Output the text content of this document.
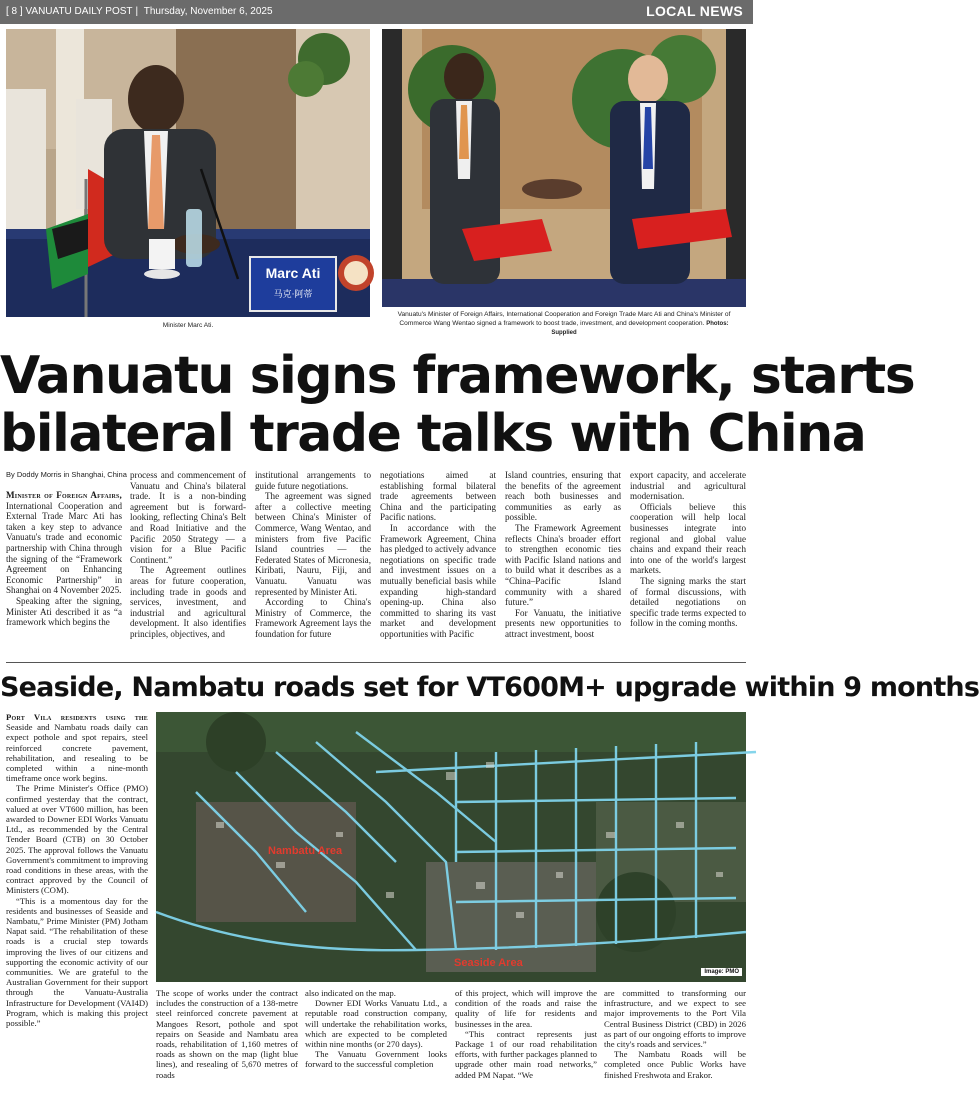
[ 8 ] VANUATU DAILY POST | Thursday, November 6, 2025	LOCAL NEWS
Marc Ati
马克·阿蒂
Minister Marc Ati.
Vanuatu's Minister of Foreign Affairs, International Cooperation and Foreign Trade Marc Ati and China's Minister of Commerce Wang Wentao signed a framework to boost trade, investment, and development cooperation. Photos: Supplied
Vanuatu signs framework, starts
bilateral trade talks with China
By Doddy Morris in Shanghai, China

Minister of Foreign Affairs, International Cooperation and External Trade Marc Ati has taken a key step to advance Vanuatu's trade and economic partnership with China through the signing of the “Framework Agreement on Enhancing Economic Partnership” in Shanghai on 4 November 2025.

Speaking after the signing, Minister Ati described it as “a framework which begins the

process and commencement of Vanuatu and China's bilateral trade. It is a non-binding agreement but is forward-looking, reflecting China's Belt and Road Initiative and the Pacific 2050 Strategy — a vision for a Blue Pacific Continent.”

The Agreement outlines areas for future cooperation, including trade in goods and services, investment, and industrial and agricultural development. It also identifies principles, objectives, and

institutional arrangements to guide future negotiations.

The agreement was signed after a collective meeting between China's Minister of Commerce, Wang Wentao, and ministers from five Pacific Island countries — the Federated States of Micronesia, Kiribati, Nauru, Fiji, and Vanuatu. Vanuatu was represented by Minister Ati.

According to China's Ministry of Commerce, the Framework Agreement lays the foundation for future

negotiations aimed at establishing formal bilateral trade agreements between China and the participating Pacific nations.

In accordance with the Framework Agreement, China has pledged to actively advance negotiations on specific trade and investment issues on a mutually beneficial basis while expanding high-standard opening-up. China also committed to sharing its vast market and development opportunities with Pacific

Island countries, ensuring that the benefits of the agreement reach both businesses and communities as early as possible.

The Framework Agreement reflects China's broader effort to strengthen economic ties with Pacific Island nations and to build what it describes as a “China–Pacific Island community with a shared future.”

For Vanuatu, the initiative presents new opportunities to attract investment, boost

export capacity, and accelerate industrial and agricultural modernisation.

Officials believe this cooperation will help local businesses integrate into regional and global value chains and expand their reach into one of the world's largest markets.

The signing marks the start of formal discussions, with detailed negotiations on specific trade terms expected to follow in the coming months.

Seaside, Nambatu roads set for VT600M+ upgrade within 9 months

Port Vila residents using the Seaside and Nambatu roads daily can expect pothole and spot repairs, steel reinforced concrete pavement, rehabilitation, and resealing to be completed within a nine-month timeframe once work begins.

The Prime Minister's Office (PMO) confirmed yesterday that the contract, valued at over VT600 million, has been awarded to Downer EDI Works Vanuatu Ltd., as recommended by the Central Tender Board (CTB) on 30 October 2025. The approval follows the Vanuatu Government's commitment to improving road conditions in these areas, with the contract approved by the Council of Ministers (COM).

“This is a momentous day for the residents and businesses of Seaside and Nambatu,” Prime Minister (PM) Jotham Napat said. “The rehabilitation of these roads is a crucial step towards improving the lives of our citizens and supporting the economic activity of our communities. We are grateful to the Australian Government for their support through the Vanuatu-Australia Infrastructure for Development (VAI4D) Program, which is making this project possible.”

Nambatu Area
Seaside Area
Image: PMO

The scope of works under the contract includes the construction of a 138-metre steel reinforced concrete pavement at Mangoes Resort, pothole and spot repairs on Seaside and Nambatu area roads, rehabilitation of 1,160 metres of roads as shown on the map (light blue lines), and resealing of 5,670 metres of roads

also indicated on the map.

Downer EDI Works Vanuatu Ltd., a reputable road construction company, will undertake the rehabilitation works, which are expected to be completed within nine months (or 270 days).

The Vanuatu Government looks forward to the successful completion

of this project, which will improve the condition of the roads and raise the quality of life for residents and businesses in the area.

“This contract represents just Package 1 of our road rehabilitation efforts, with further packages planned to upgrade other main road networks,” added PM Napat. “We

are committed to transforming our infrastructure, and we expect to see major improvements to the Port Vila Central Business District (CBD) in 2026 as part of our ongoing efforts to improve the city's roads and services.”

The Nambatu Roads will be completed once Public Works have finished Freshwota and Erakor.
